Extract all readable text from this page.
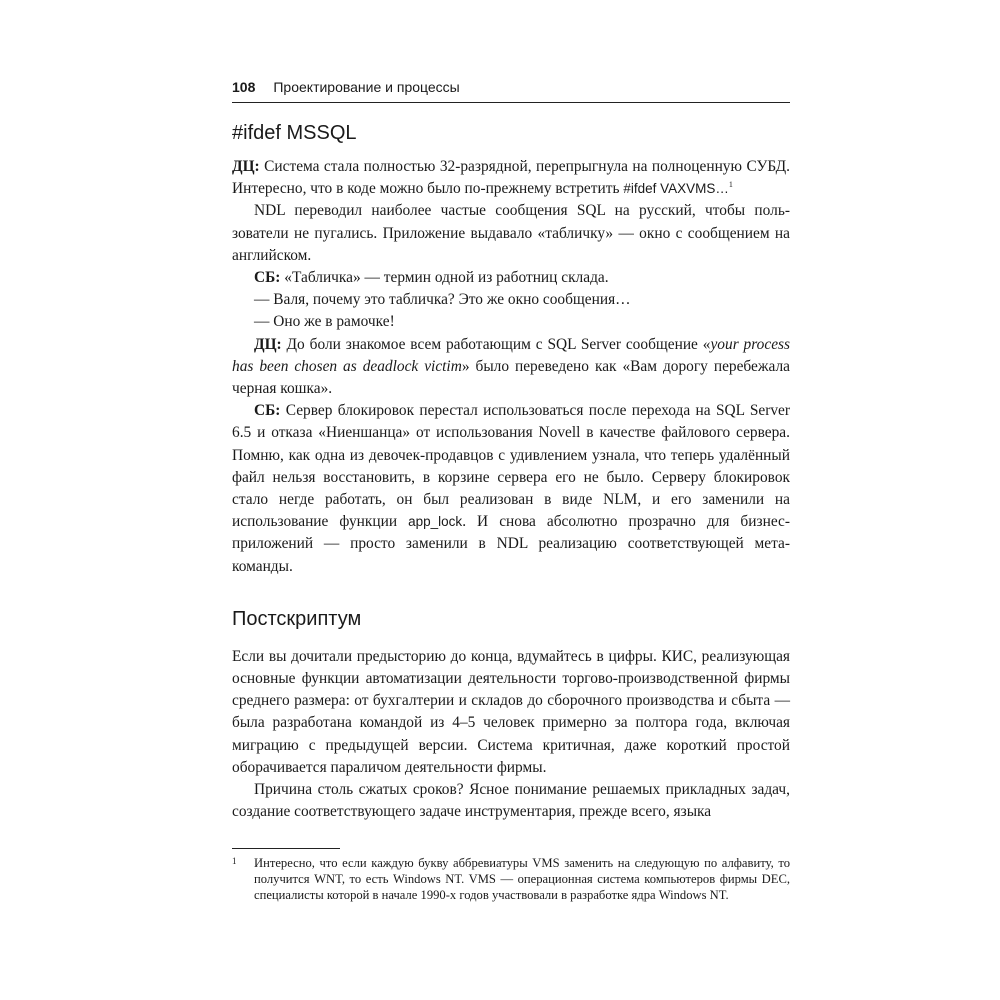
108 Проектирование и процессы
#ifdef MSSQL

ДЦ: Система стала полностью 32-разрядной, перепрыгнула на полноценную СУБД. Интересно, что в коде можно было по-прежнему встретить #ifdef VAXVMS…$^1$

NDL переводил наиболее частые сообщения SQL на русский, чтобы пользователи не пугались. Приложение выдавало «табличку» — окно с сообщением на английском.

СБ: «Табличка» — термин одной из работниц склада.

— Валя, почему это табличка? Это же окно сообщения…

— Оно же в рамочке!

ДЦ: До боли знакомое всем работающим с SQL Server сообщение «your process has been chosen as deadlock victim» было переведено как «Вам дорогу перебежала черная кошка».

СБ: Сервер блокировок перестал использоваться после перехода на SQL Server 6.5 и отказа «Ниеншанца» от использования Novell в качестве файлового сервера. Помню, как одна из девочек-продавцов с удивлением узнала, что теперь удалённый файл нельзя восстановить, в корзине сервера его не было. Серверу блокировок стало негде работать, он был реализован в виде NLM, и его заменили на использование функции app_lock. И снова абсолютно прозрачно для бизнес-приложений — просто заменили в NDL реализацию соответствующей мета-команды.

Постскриптум

Если вы дочитали предысторию до конца, вдумайтесь в цифры. КИС, реализующая основные функции автоматизации деятельности торгово-производственной фирмы среднего размера: от бухгалтерии и складов до сборочного производства и сбыта — была разработана командой из 4–5 человек примерно за полтора года, включая миграцию с предыдущей версии. Система критичная, даже короткий простой оборачивается параличом деятельности фирмы.

Причина столь сжатых сроков? Ясное понимание решаемых прикладных задач, создание соответствующего задаче инструментария, прежде всего, языка

1 Интересно, что если каждую букву аббревиатуры VMS заменить на следующую по алфавиту, то получится WNT, то есть Windows NT. VMS — операционная система компьютеров фирмы DEC, специалисты которой в начале 1990-х годов участвовали в разработке ядра Windows NT.
